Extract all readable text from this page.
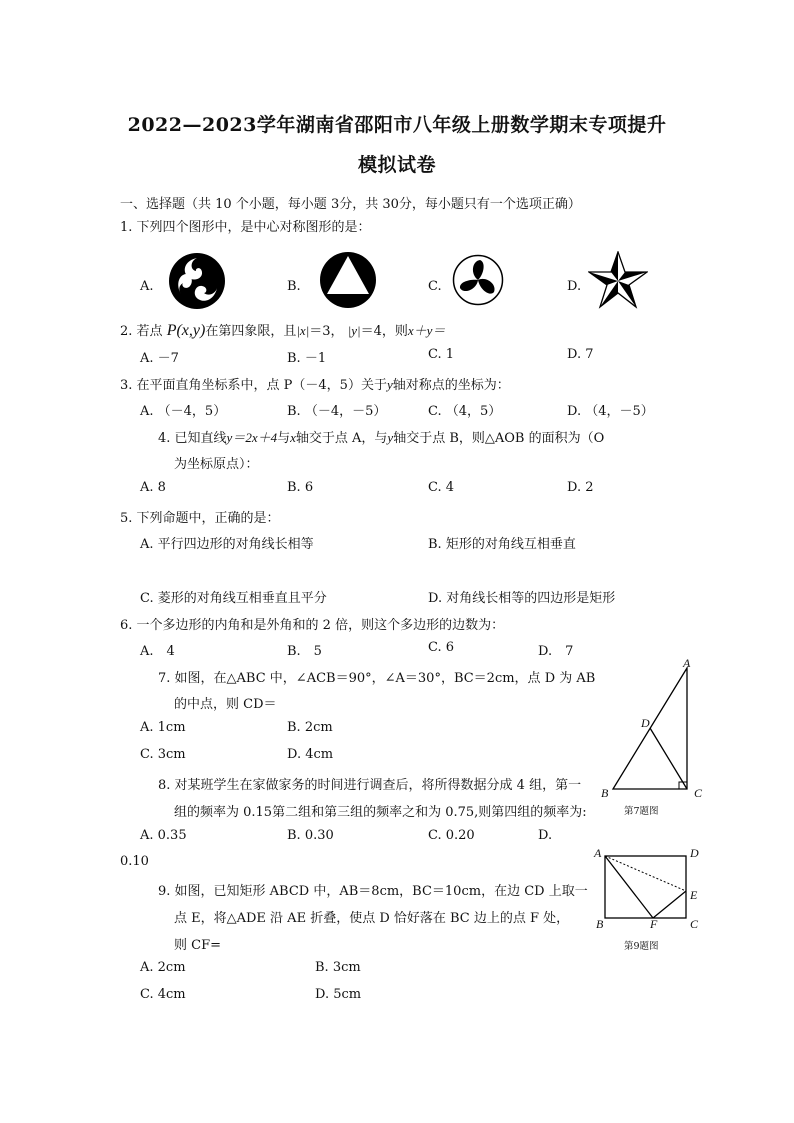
2022—2023学年湖南省邵阳市八年级上册数学期末专项提升
模拟试卷
一、选择题（共 10 个小题，每小题 3分，共 30分，每小题只有一个选项正确）
1. 下列四个图形中，是中心对称图形的是：
A.	B.	C.	D.
2. 若点 P(x,y)在第四象限，且|x|＝3， |y|＝4，则x＋y＝
A. －7	B. －1	C. 1	D. 7
3. 在平面直角坐标系中，点 P（－4，5）关于y轴对称点的坐标为：
A. （－4，5）	B. （－4，－5）	C. （4，5）	D. （4，－5）
4. 已知直线y＝2x＋4与x轴交于点 A，与y轴交于点 B，则△AOB 的面积为（O
为坐标原点）：
A. 8	B. 6	C. 4	D. 2
5. 下列命题中，正确的是：
A. 平行四边形的对角线长相等	B. 矩形的对角线互相垂直
C. 菱形的对角线互相垂直且平分	D. 对角线长相等的四边形是矩形
6. 一个多边形的内角和是外角和的 2 倍，则这个多边形的边数为：
A.　4	B.　5	C. 6	D.　7
7. 如图，在△ABC 中，∠ACB＝90°，∠A＝30°，BC＝2cm，点 D 为 AB
的中点，则 CD＝
A. 1cm	B. 2cm
C. 3cm	D. 4cm
A
D
B	C
第7题图
8. 对某班学生在家做家务的时间进行调查后，将所得数据分成 4 组，第一
组的频率为 0.15第二组和第三组的频率之和为 0.75,则第四组的频率为:
A. 0.35	B. 0.30	C. 0.20	D.
0.10
9. 如图，已知矩形 ABCD 中，AB＝8cm，BC＝10cm，在边 CD 上取一
点 E，将△ADE 沿 AE 折叠，使点 D 恰好落在 BC 边上的点 F 处，
则 CF=
A. 2cm	B. 3cm
C. 4cm	D. 5cm
A	D
E
B	F	C
第9题图
